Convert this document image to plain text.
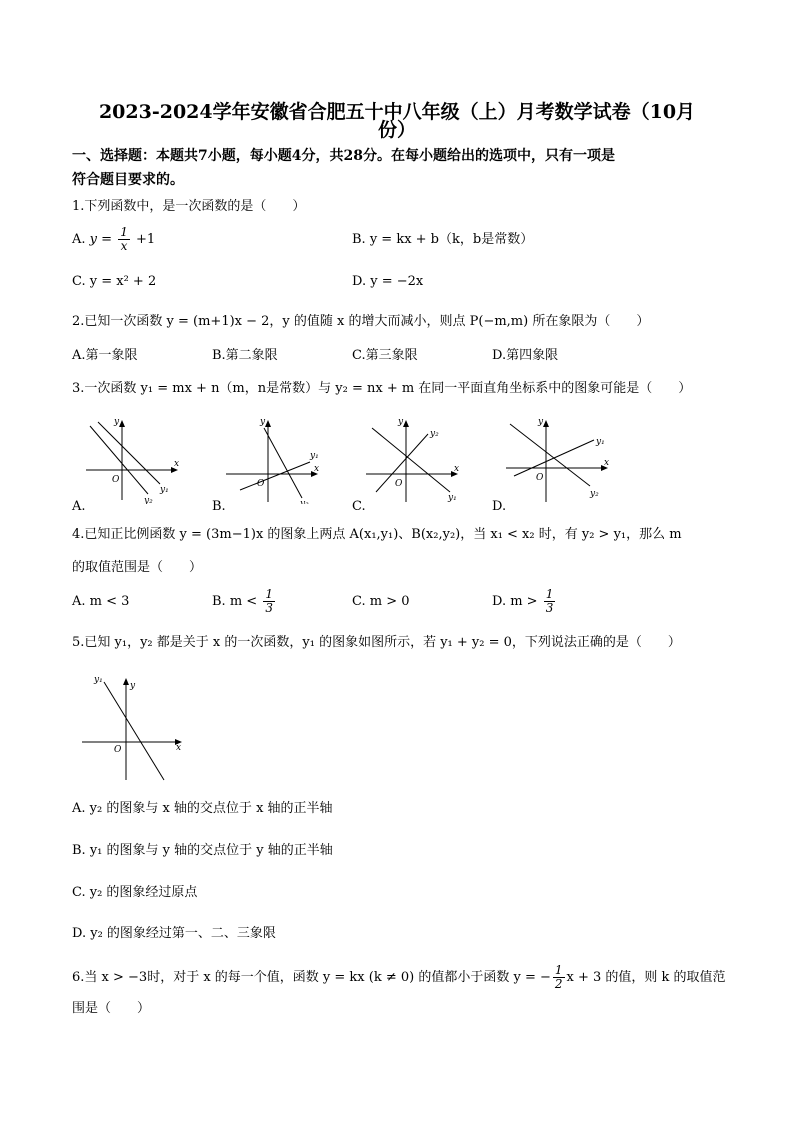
2023-2024学年安徽省合肥五十中八年级（上）月考数学试卷（10月
份）
一、选择题：本题共7小题，每小题4分，共28分。在每小题给出的选项中，只有一项是
符合题目要求的。
1.下列函数中，是一次函数的是（　　）
A. $y = \frac{1}{x} +1$	B. y = kx + b（k，b是常数）
C. y = x² + 2	D. y = −2x
2.已知一次函数 y = (m+1)x − 2，y 的值随 x 的增大而减小，则点 P(−m,m) 所在象限为（　　）
A.第一象限	B.第二象限	C.第三象限	D.第四象限
3.一次函数 y₁ = mx + n（m，n是常数）与 y₂ = nx + m 在同一平面直角坐标系中的图象可能是（　　）
y
x
O
y₂
y₁
A.
y
x
O
y₁
y₂
B.
y
x
O
y₂
y₁
C.
y
x
O
y₁
y₂
D.
4.已知正比例函数 y = (3m−1)x 的图象上两点 A(x₁,y₁)、B(x₂,y₂)，当 x₁ < x₂ 时，有 y₂ > y₁，那么 m
的取值范围是（　　）
A. m < 3	B. $m < \frac{1}{3}$	C. m > 0	D. $m > \frac{1}{3}$
5.已知 y₁，y₂ 都是关于 x 的一次函数，y₁ 的图象如图所示，若 y₁ + y₂ = 0，下列说法正确的是（　　）
y₁
y
x
O
A. y₂ 的图象与 x 轴的交点位于 x 轴的正半轴
B. y₁ 的图象与 y 轴的交点位于 y 轴的正半轴
C. y₂ 的图象经过原点
D. y₂ 的图象经过第一、二、三象限
6.当 x > −3时，对于 x 的每一个值，函数 y = kx (k ≠ 0) 的值都小于函数 y = − $\frac{1}{2}$ x + 3 的值，则 k 的取值范
围是（　　）
